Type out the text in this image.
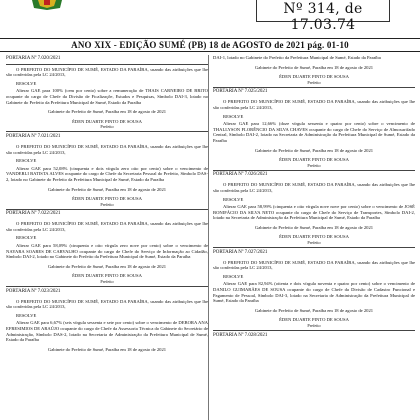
Nº 314, de 17.03.74
ANO XIX - EDIÇÃO SUMÉ (PB) 18 de AGOSTO de 2021 pág. 01-10
PORTARIA Nº 7.020/2021
O PREFEITO DO MUNICÍPIO DE SUMÉ, ESTADO DA PARAÍBA, usando das atribuições que lhe são conferidas pela LC 24/2013,
RESOLVE
Alterar GAE para 100% (cem por cento) sobre a remuneração de THAIS CARNEIRO DE BRITO ocupante do cargo de Chefe da Divisão de Ficalizaçõe, Estudos e Pesquisas, Símbolo DAI-3, lotado no Gabinete do Prefeito da Prefeitura Municipal de Sumé, Estado da Paraíba
Gabinete do Prefeito de Sumé, Paraíba em 18 de agosto de 2021
ÉDEN DUARTE PINTO DE SOUSA
Prefeito
PORTARIA Nº 7.021/2021
O PREFEITO DO MUNICÍPIO DE SUMÉ, ESTADO DA PARAÍBA, usando das atribuições que lhe são conferidas pela LC 24/2013,
RESOLVE
Alterar GAE para 52,08% (cinquenta e dois vírgula zero oito por cento) sobre o vencimento de VANDERLI BATISTA ALVES ocupante do cargo de Chefe da Secretaria Pessoal do Prefeito, Símbolo DAS-2, lotado no Gabinete do Prefeito da Prefeitura Municipal de Sumé, Estado da Paraíba
Gabinete do Prefeito de Sumé, Paraíba em 18 de agosto de 2021
ÉDEN DUARTE PINTO DE SOUSA
Prefeito
PORTARIA Nº 7.022/2021
O PREFEITO DO MUNICÍPIO DE SUMÉ, ESTADO DA PARAÍBA, usando das atribuições que lhe são conferidas pela LC 24/2013,
RESOLVE
Alterar GAE para 58,09% (cinquenta e oito vírgula zero nove por cento) sobre o vencimento de NAYARA SOARES DE CARVALHO ocupante do cargo de Chefe do Serviço de Informação ao Cidadão, Símbolo DAI-2, lotado no Gabinete do Prefeito da Prefeitura Municipal de Sumé, Estado da Paraíba
Gabinete do Prefeito de Sumé, Paraíba em 18 de agosto de 2021
ÉDEN DUARTE PINTO DE SOUSA
Prefeito
PORTARIA Nº 7.023/2021
O PREFEITO DO MUNICÍPIO DE SUMÉ, ESTADO DA PARAÍBA, usando das atribuições que lhe são conferidas pela LC 24/2013,
RESOLVE
Alterar GAE para 6,67% (seis vírgula sessenta e sete por cento) sobre o vencimento de DEBORA ANA EFRESIMIOS DE ARAÚJO ocupante do cargo de Chefe da Assessoria Técnica do Gabinete do Secretário de Administração, Símbolo DAS-2, lotado na Secretaria de Administração da Prefeitura Municipal de Sumé, Estado da Paraíba
Gabinete do Prefeito de Sumé, Paraíba em 18 de agosto de 2021
DAI-1, lotado no Gabinete do Prefeito da Prefeitura Municipal de Sumé, Estado da Paraíba
Gabinete do Prefeito de Sumé, Paraíba em 18 de agosto de 2021
ÉDEN DUARTE PINTO DE SOUSA
Prefeito
PORTARIA Nº 7.025/2021
O PREFEITO DO MUNICÍPIO DE SUMÉ, ESTADO DA PARAÍBA, usando das atribuições que lhe são conferidas pela LC 24/2013,
RESOLVE
Alterar GAE para 12,66% (doze vírgula sessenta e quatro por cento) sobre o vencimento de THALLYSON FLORÊNCIO DA SILVA CHAVES ocupante do cargo de Chefe do Serviço de Almoxarifado Central, Símbolo DAI-2, lotado na Secretaria de Administração da Prefeitura Municipal de Sumé, Estado da Paraíba
Gabinete do Prefeito de Sumé, Paraíba em 18 de agosto de 2021
ÉDEN DUARTE PINTO DE SOUSA
Prefeito
PORTARIA Nº 7.026/2021
O PREFEITO DO MUNICÍPIO DE SUMÉ, ESTADO DA PARAÍBA, usando das atribuições que lhe são conferidas pela LC 24/2013,
RESOLVE
Alterar GAE para 58,99% (cinquenta e oito vírgula nove nove por cento) sobre o vencimento de JOSÉ BONIFÁCIO DA SILVA NETO ocupante do cargo de Chefe do Serviço de Transportes, Símbolo DAI-2, lotado na Secretaria de Administração da Prefeitura Municipal de Sumé, Estado da Paraíba
Gabinete do Prefeito de Sumé, Paraíba em 18 de agosto de 2021
ÉDEN DUARTE PINTO DE SOUSA
Prefeito
PORTARIA Nº 7.027/2021
O PREFEITO DO MUNICÍPIO DE SUMÉ, ESTADO DA PARAÍBA, usando das atribuições que lhe são conferidas pela LC 24/2013,
RESOLVE
Alterar GAE para 82,94% (oitenta e dois vírgula noventa e quatro por cento) sobre o vencimento de DANILO GUIMARÃES DE SOUSA ocupante do cargo de Chefe da Divisão de Cadastro Funcional e Pagamento de Pessoal, Símbolo DAI-3, lotado na Secretaria de Administração da Prefeitura Municipal de Sumé, Estado da Paraíba
Gabinete do Prefeito de Sumé, Paraíba em 18 de agosto de 2021
ÉDEN DUARTE PINTO DE SOUSA
Prefeito
PORTARIA Nº 7.028/2021
